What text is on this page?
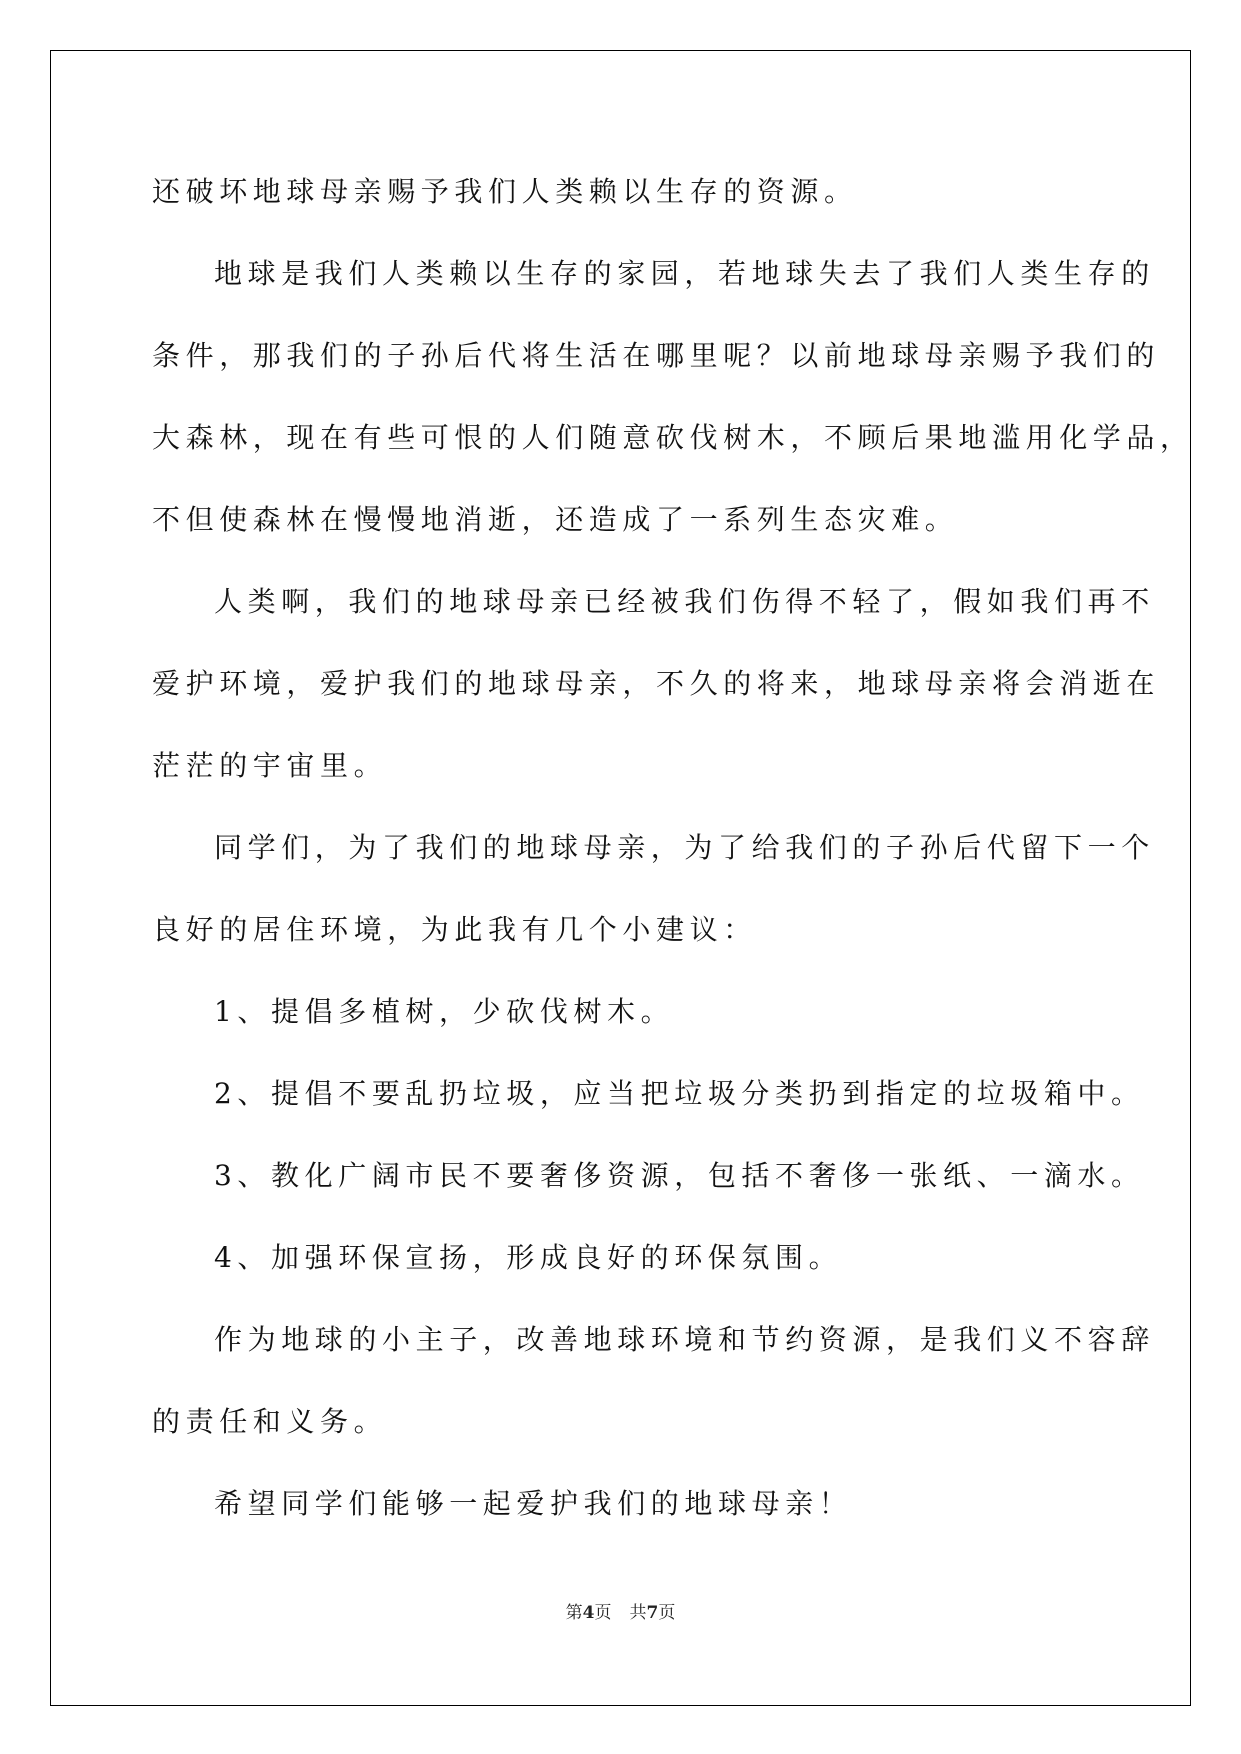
还破坏地球母亲赐予我们人类赖以生存的资源。
地球是我们人类赖以生存的家园，若地球失去了我们人类生存的
条件，那我们的子孙后代将生活在哪里呢？以前地球母亲赐予我们的
大森林，现在有些可恨的人们随意砍伐树木，不顾后果地滥用化学品，
不但使森林在慢慢地消逝，还造成了一系列生态灾难。
人类啊，我们的地球母亲已经被我们伤得不轻了，假如我们再不
爱护环境，爱护我们的地球母亲，不久的将来，地球母亲将会消逝在
茫茫的宇宙里。
同学们，为了我们的地球母亲，为了给我们的子孙后代留下一个
良好的居住环境，为此我有几个小建议：
1、提倡多植树，少砍伐树木。
2、提倡不要乱扔垃圾，应当把垃圾分类扔到指定的垃圾箱中。
3、教化广阔市民不要奢侈资源，包括不奢侈一张纸、一滴水。
4、加强环保宣扬，形成良好的环保氛围。
作为地球的小主子，改善地球环境和节约资源，是我们义不容辞
的责任和义务。
希望同学们能够一起爱护我们的地球母亲！
第4页 共7页
